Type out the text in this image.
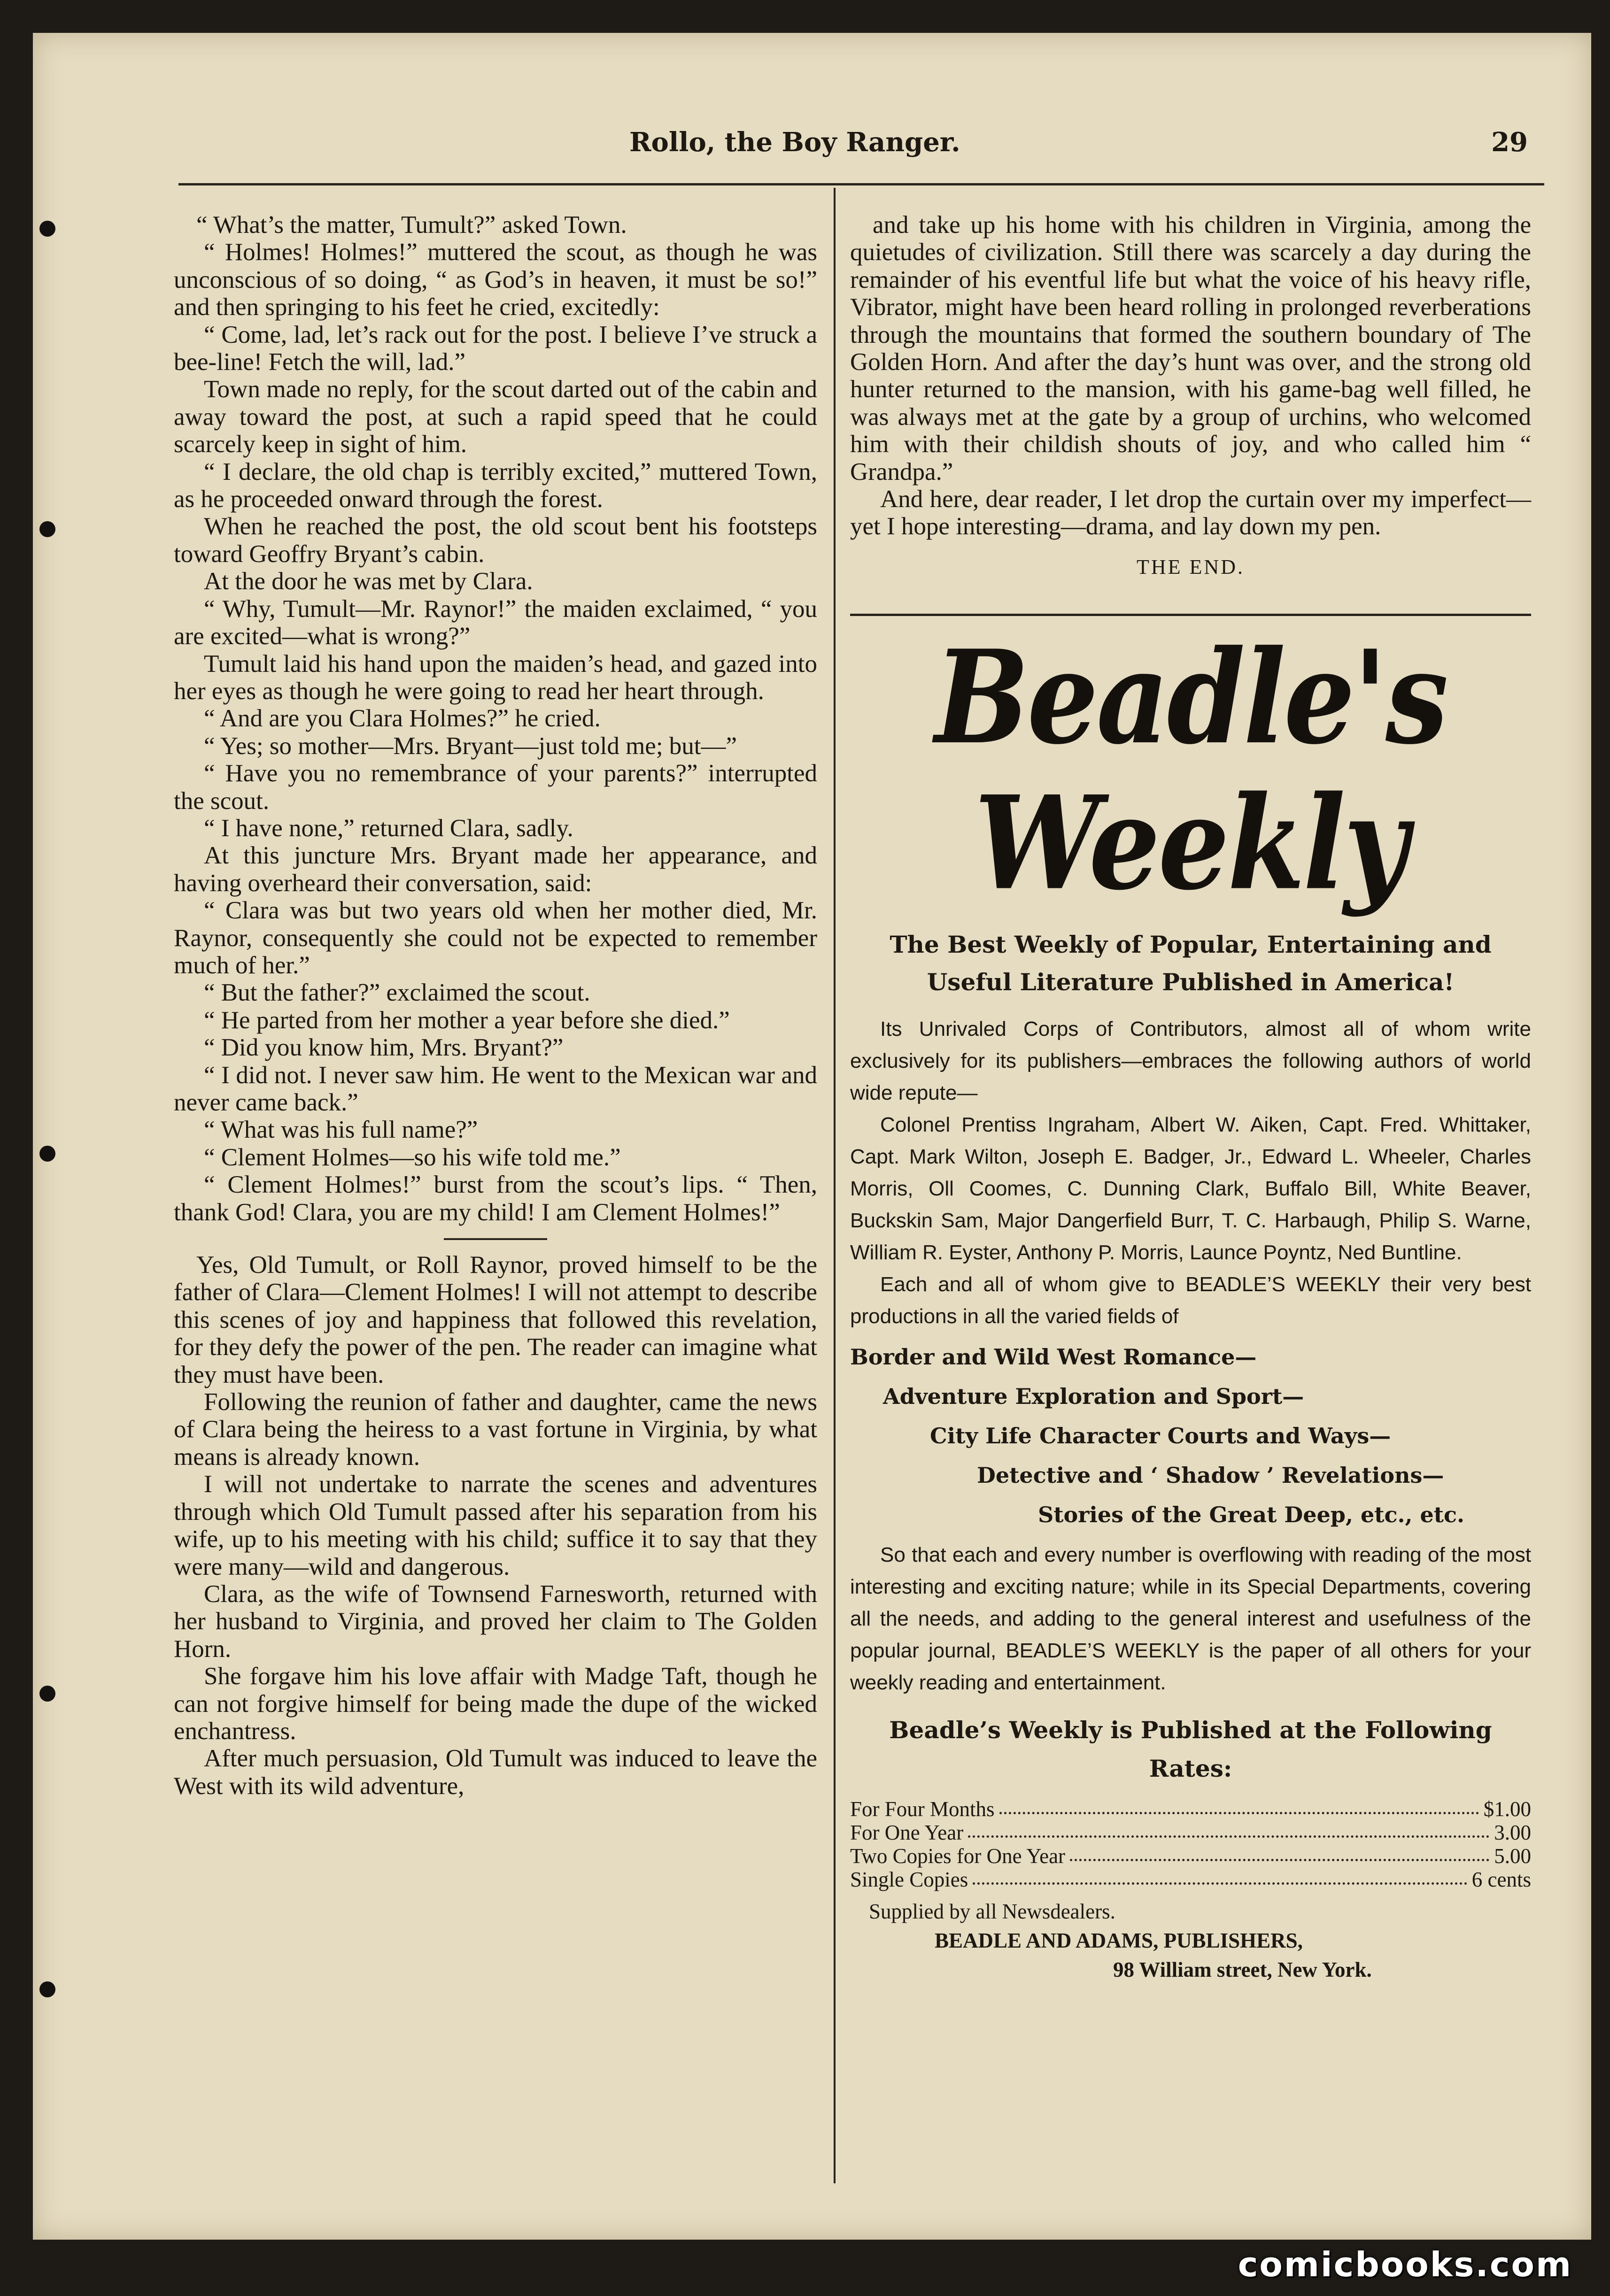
Rollo, the Boy Ranger.	29

“ What’s the matter, Tumult?” asked Town.

“ Holmes! Holmes!” muttered the scout, as though he was unconscious of so doing, “ as God’s in heaven, it must be so!” and then springing to his feet he cried, excitedly:

“ Come, lad, let’s rack out for the post. I believe I’ve struck a bee-line! Fetch the will, lad.”

Town made no reply, for the scout darted out of the cabin and away toward the post, at such a rapid speed that he could scarcely keep in sight of him.

“ I declare, the old chap is terribly excited,” muttered Town, as he proceeded onward through the forest.

When he reached the post, the old scout bent his footsteps toward Geoffry Bryant’s cabin.

At the door he was met by Clara.

“ Why, Tumult—Mr. Raynor!” the maiden exclaimed, “ you are excited—what is wrong?”

Tumult laid his hand upon the maiden’s head, and gazed into her eyes as though he were going to read her heart through.

“ And are you Clara Holmes?” he cried.

“ Yes; so mother—Mrs. Bryant—just told me; but—”

“ Have you no remembrance of your parents?” interrupted the scout.

“ I have none,” returned Clara, sadly.

At this juncture Mrs. Bryant made her appearance, and having overheard their conversation, said:

“ Clara was but two years old when her mother died, Mr. Raynor, consequently she could not be expected to remember much of her.”

“ But the father?” exclaimed the scout.

“ He parted from her mother a year before she died.”

“ Did you know him, Mrs. Bryant?”

“ I did not. I never saw him. He went to the Mexican war and never came back.”

“ What was his full name?”

“ Clement Holmes—so his wife told me.”

“ Clement Holmes!” burst from the scout’s lips. “ Then, thank God! Clara, you are my child! I am Clement Holmes!”

Yes, Old Tumult, or Roll Raynor, proved himself to be the father of Clara—Clement Holmes! I will not attempt to describe this scenes of joy and happiness that followed this revelation, for they defy the power of the pen. The reader can imagine what they must have been.

Following the reunion of father and daughter, came the news of Clara being the heiress to a vast fortune in Virginia, by what means is already known.

I will not undertake to narrate the scenes and adventures through which Old Tumult passed after his separation from his wife, up to his meeting with his child; suffice it to say that they were many—wild and dangerous.

Clara, as the wife of Townsend Farnesworth, returned with her husband to Virginia, and proved her claim to The Golden Horn.

She forgave him his love affair with Madge Taft, though he can not forgive himself for being made the dupe of the wicked enchantress.

After much persuasion, Old Tumult was induced to leave the West with its wild adventure,

and take up his home with his children in Virginia, among the quietudes of civilization. Still there was scarcely a day during the remainder of his eventful life but what the voice of his heavy rifle, Vibrator, might have been heard rolling in prolonged reverberations through the mountains that formed the southern boundary of The Golden Horn. And after the day’s hunt was over, and the strong old hunter returned to the mansion, with his game-bag well filled, he was always met at the gate by a group of urchins, who welcomed him with their childish shouts of joy, and who called him “ Grandpa.”

And here, dear reader, I let drop the curtain over my imperfect—yet I hope interesting—drama, and lay down my pen.

THE END.
Beadle's Weekly
The Best Weekly of Popular, Entertaining and Useful Literature Published in America!

Its Unrivaled Corps of Contributors, almost all of whom write exclusively for its publishers—embraces the following authors of world wide repute—

Colonel Prentiss Ingraham, Albert W. Aiken, Capt. Fred. Whittaker, Capt. Mark Wilton, Joseph E. Badger, Jr., Edward L. Wheeler, Charles Morris, Oll Coomes, C. Dunning Clark, Buffalo Bill, White Beaver, Buckskin Sam, Major Dangerfield Burr, T. C. Harbaugh, Philip S. Warne, William R. Eyster, Anthony P. Morris, Launce Poyntz, Ned Buntline.

Each and all of whom give to BEADLE’S WEEKLY their very best productions in all the varied fields of

Border and Wild West Romance—
Adventure Exploration and Sport—
City Life Character Courts and Ways—
Detective and ‘ Shadow ’ Revelations—
Stories of the Great Deep, etc., etc.

So that each and every number is overflowing with reading of the most interesting and exciting nature; while in its Special Departments, covering all the needs, and adding to the general interest and usefulness of the popular journal, BEADLE’S WEEKLY is the paper of all others for your weekly reading and entertainment.

Beadle’s Weekly is Published at the Following Rates:
For Four Months	$1.00
For One Year	3.00
Two Copies for One Year	5.00
Single Copies	6 cents
Supplied by all Newsdealers.
BEADLE AND ADAMS, PUBLISHERS,
98 William street, New York.
comicbooks.com
